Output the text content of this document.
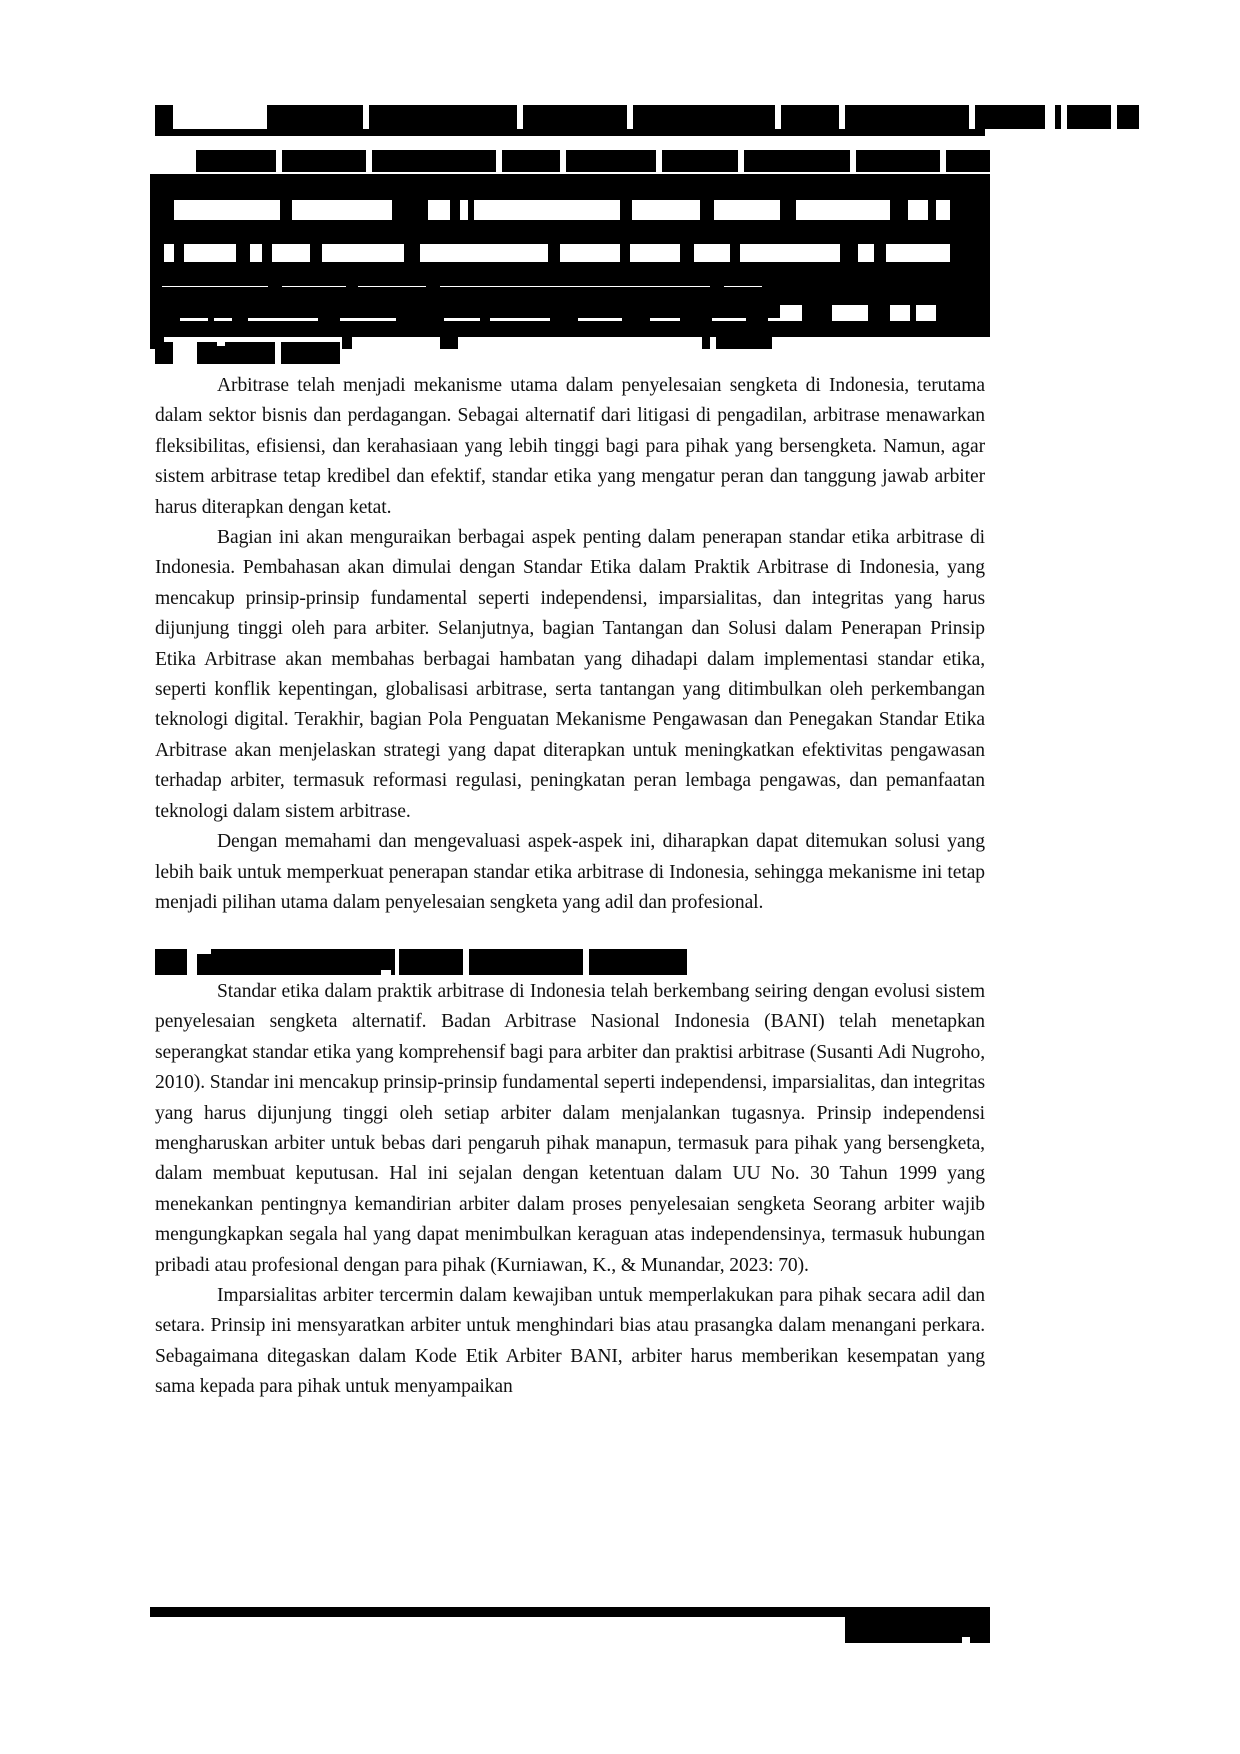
Arbitrase telah menjadi mekanisme utama dalam penyelesaian sengketa di Indonesia, terutama dalam sektor bisnis dan perdagangan. Sebagai alternatif dari litigasi di pengadilan, arbitrase menawarkan fleksibilitas, efisiensi, dan kerahasiaan yang lebih tinggi bagi para pihak yang bersengketa. Namun, agar sistem arbitrase tetap kredibel dan efektif, standar etika yang mengatur peran dan tanggung jawab arbiter harus diterapkan dengan ketat.

Bagian ini akan menguraikan berbagai aspek penting dalam penerapan standar etika arbitrase di Indonesia. Pembahasan akan dimulai dengan Standar Etika dalam Praktik Arbitrase di Indonesia, yang mencakup prinsip-prinsip fundamental seperti independensi, imparsialitas, dan integritas yang harus dijunjung tinggi oleh para arbiter. Selanjutnya, bagian Tantangan dan Solusi dalam Penerapan Prinsip Etika Arbitrase akan membahas berbagai hambatan yang dihadapi dalam implementasi standar etika, seperti konflik kepentingan, globalisasi arbitrase, serta tantangan yang ditimbulkan oleh perkembangan teknologi digital. Terakhir, bagian Pola Penguatan Mekanisme Pengawasan dan Penegakan Standar Etika Arbitrase akan menjelaskan strategi yang dapat diterapkan untuk meningkatkan efektivitas pengawasan terhadap arbiter, termasuk reformasi regulasi, peningkatan peran lembaga pengawas, dan pemanfaatan teknologi dalam sistem arbitrase.

Dengan memahami dan mengevaluasi aspek-aspek ini, diharapkan dapat ditemukan solusi yang lebih baik untuk memperkuat penerapan standar etika arbitrase di Indonesia, sehingga mekanisme ini tetap menjadi pilihan utama dalam penyelesaian sengketa yang adil dan profesional.

Standar etika dalam praktik arbitrase di Indonesia telah berkembang seiring dengan evolusi sistem penyelesaian sengketa alternatif. Badan Arbitrase Nasional Indonesia (BANI) telah menetapkan seperangkat standar etika yang komprehensif bagi para arbiter dan praktisi arbitrase (Susanti Adi Nugroho, 2010). Standar ini mencakup prinsip-prinsip fundamental seperti independensi, imparsialitas, dan integritas yang harus dijunjung tinggi oleh setiap arbiter dalam menjalankan tugasnya. Prinsip independensi mengharuskan arbiter untuk bebas dari pengaruh pihak manapun, termasuk para pihak yang bersengketa, dalam membuat keputusan. Hal ini sejalan dengan ketentuan dalam UU No. 30 Tahun 1999 yang menekankan pentingnya kemandirian arbiter dalam proses penyelesaian sengketa Seorang arbiter wajib mengungkapkan segala hal yang dapat menimbulkan keraguan atas independensinya, termasuk hubungan pribadi atau profesional dengan para pihak (Kurniawan, K., & Munandar, 2023: 70).

Imparsialitas arbiter tercermin dalam kewajiban untuk memperlakukan para pihak secara adil dan setara. Prinsip ini mensyaratkan arbiter untuk menghindari bias atau prasangka dalam menangani perkara. Sebagaimana ditegaskan dalam Kode Etik Arbiter BANI, arbiter harus memberikan kesempatan yang sama kepada para pihak untuk menyampaikan
